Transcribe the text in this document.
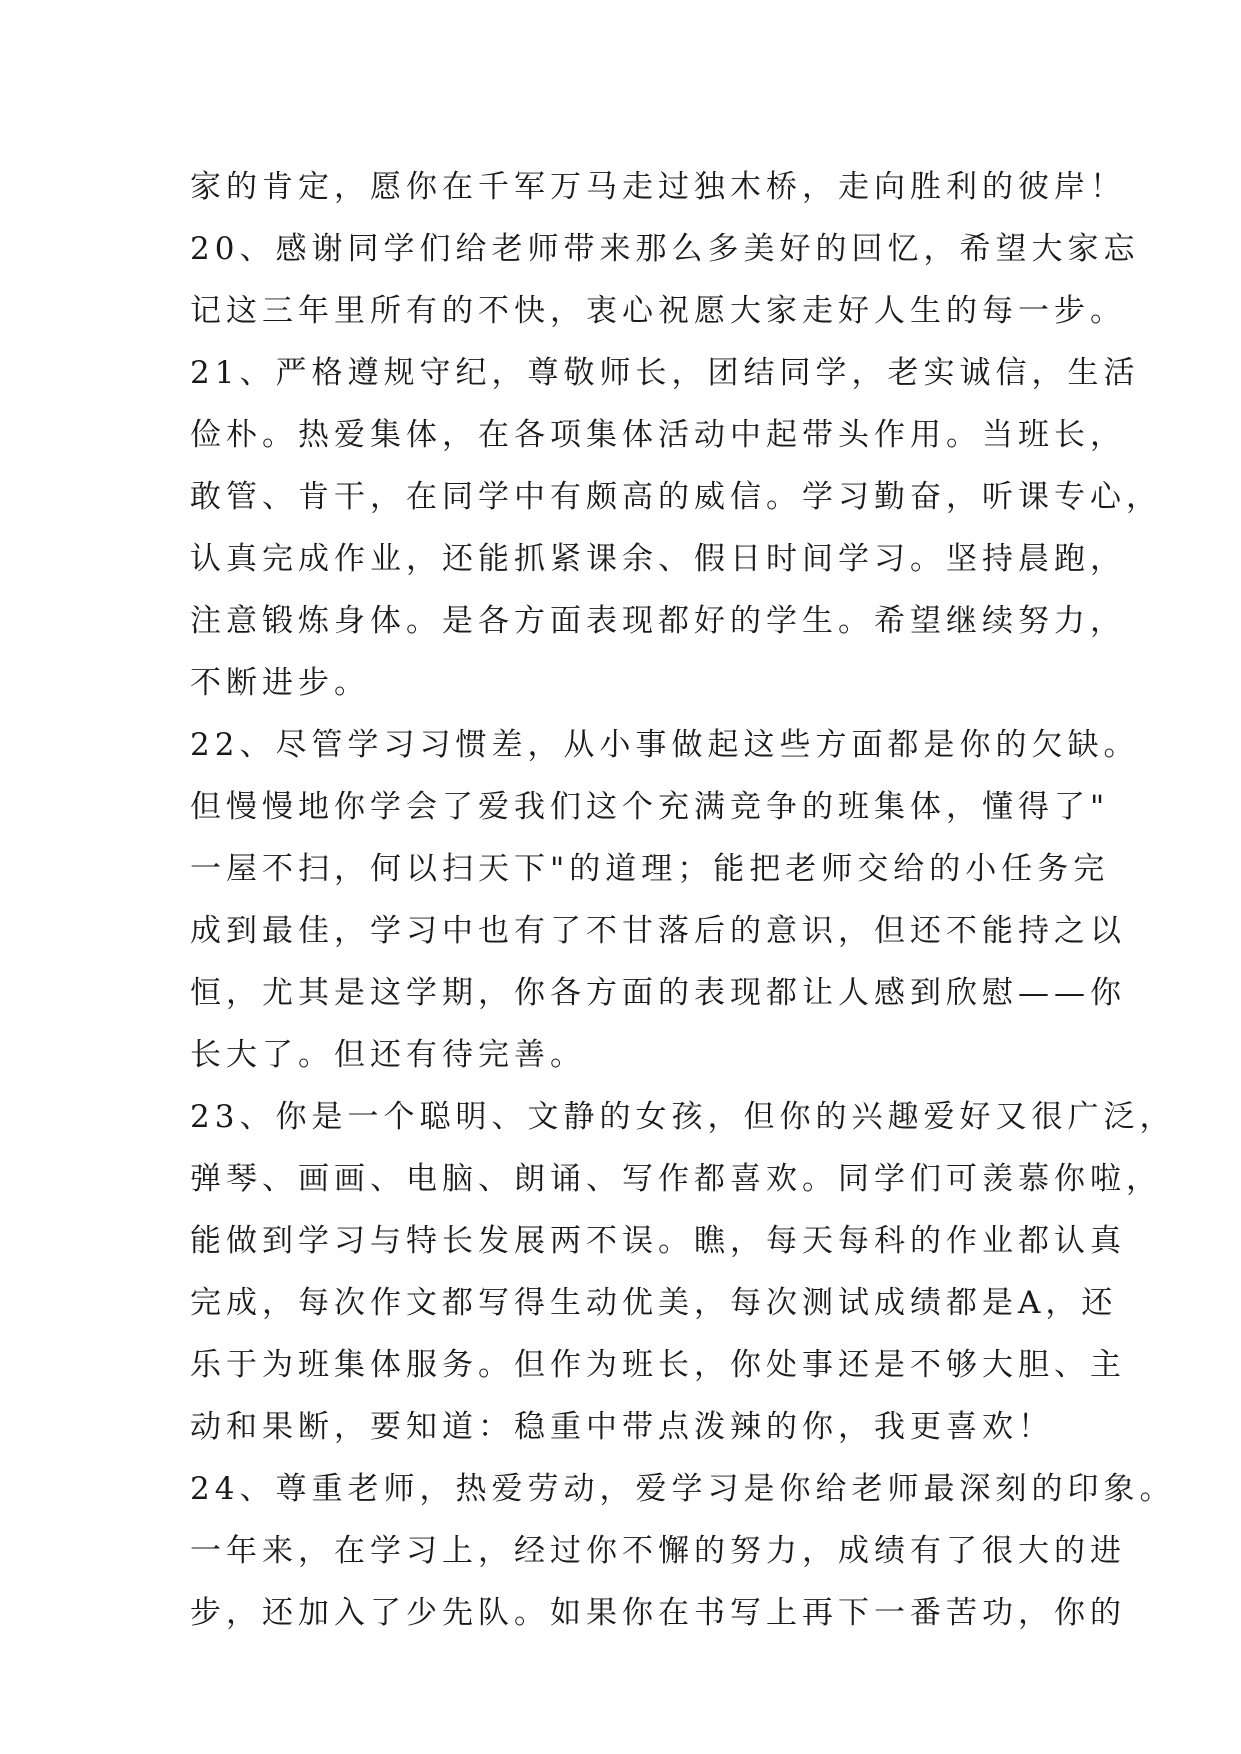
家的肯定，愿你在千军万马走过独木桥，走向胜利的彼岸！
20、感谢同学们给老师带来那么多美好的回忆，希望大家忘
记这三年里所有的不快，衷心祝愿大家走好人生的每一步。
21、严格遵规守纪，尊敬师长，团结同学，老实诚信，生活
俭朴。热爱集体，在各项集体活动中起带头作用。当班长，
敢管、肯干，在同学中有颇高的威信。学习勤奋，听课专心，
认真完成作业，还能抓紧课余、假日时间学习。坚持晨跑，
注意锻炼身体。是各方面表现都好的学生。希望继续努力，
不断进步。
22、尽管学习习惯差，从小事做起这些方面都是你的欠缺。
但慢慢地你学会了爱我们这个充满竞争的班集体，懂得了"
一屋不扫，何以扫天下"的道理；能把老师交给的小任务完
成到最佳，学习中也有了不甘落后的意识，但还不能持之以
恒，尤其是这学期，你各方面的表现都让人感到欣慰——你
长大了。但还有待完善。
23、你是一个聪明、文静的女孩，但你的兴趣爱好又很广泛，
弹琴、画画、电脑、朗诵、写作都喜欢。同学们可羡慕你啦，
能做到学习与特长发展两不误。瞧，每天每科的作业都认真
完成，每次作文都写得生动优美，每次测试成绩都是A，还
乐于为班集体服务。但作为班长，你处事还是不够大胆、主
动和果断，要知道：稳重中带点泼辣的你，我更喜欢！
24、尊重老师，热爱劳动，爱学习是你给老师最深刻的印象。
一年来，在学习上，经过你不懈的努力，成绩有了很大的进
步，还加入了少先队。如果你在书写上再下一番苦功，你的
